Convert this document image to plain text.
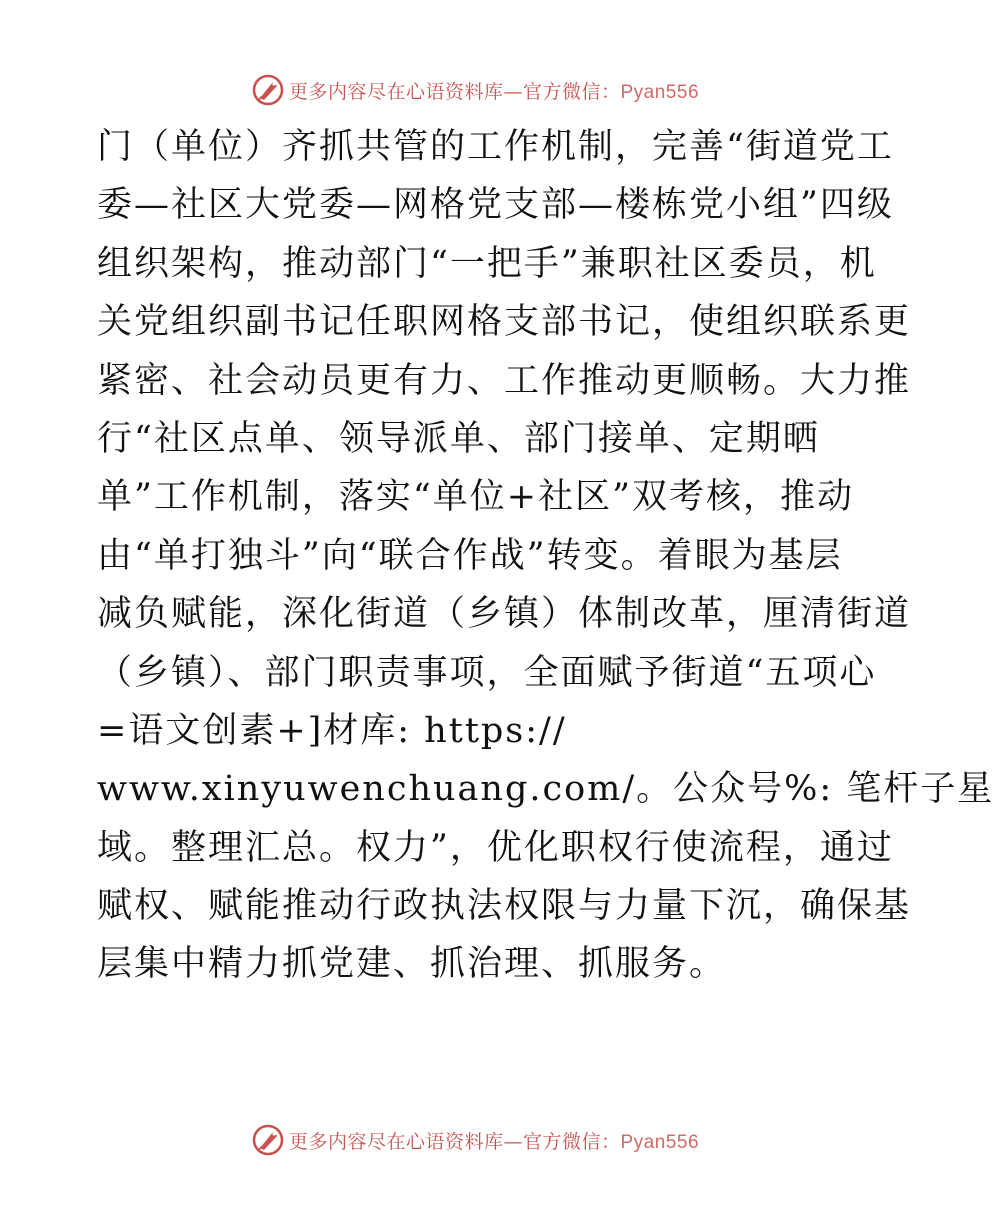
更多内容尽在心语资料库—官方微信：Pyan556
门（单位）齐抓共管的工作机制，完善“街道党工
委—社区大党委—网格党支部—楼栋党小组”四级
组织架构，推动部门“一把手”兼职社区委员，机
关党组织副书记任职网格支部书记，使组织联系更
紧密、社会动员更有力、工作推动更顺畅。大力推
行“社区点单、领导派单、部门接单、定期晒
单”工作机制，落实“单位+社区”双考核，推动
由“单打独斗”向“联合作战”转变。着眼为基层
减负赋能，深化街道（乡镇）体制改革，厘清街道
（乡镇）、部门职责事项，全面赋予街道“五项心
=语文创素+]材库: https://
www.xinyuwenchuang.com/。公众号%: 笔杆子星
域。整理汇总。权力”，优化职权行使流程，通过
赋权、赋能推动行政执法权限与力量下沉，确保基
层集中精力抓党建、抓治理、抓服务。
更多内容尽在心语资料库—官方微信：Pyan556
